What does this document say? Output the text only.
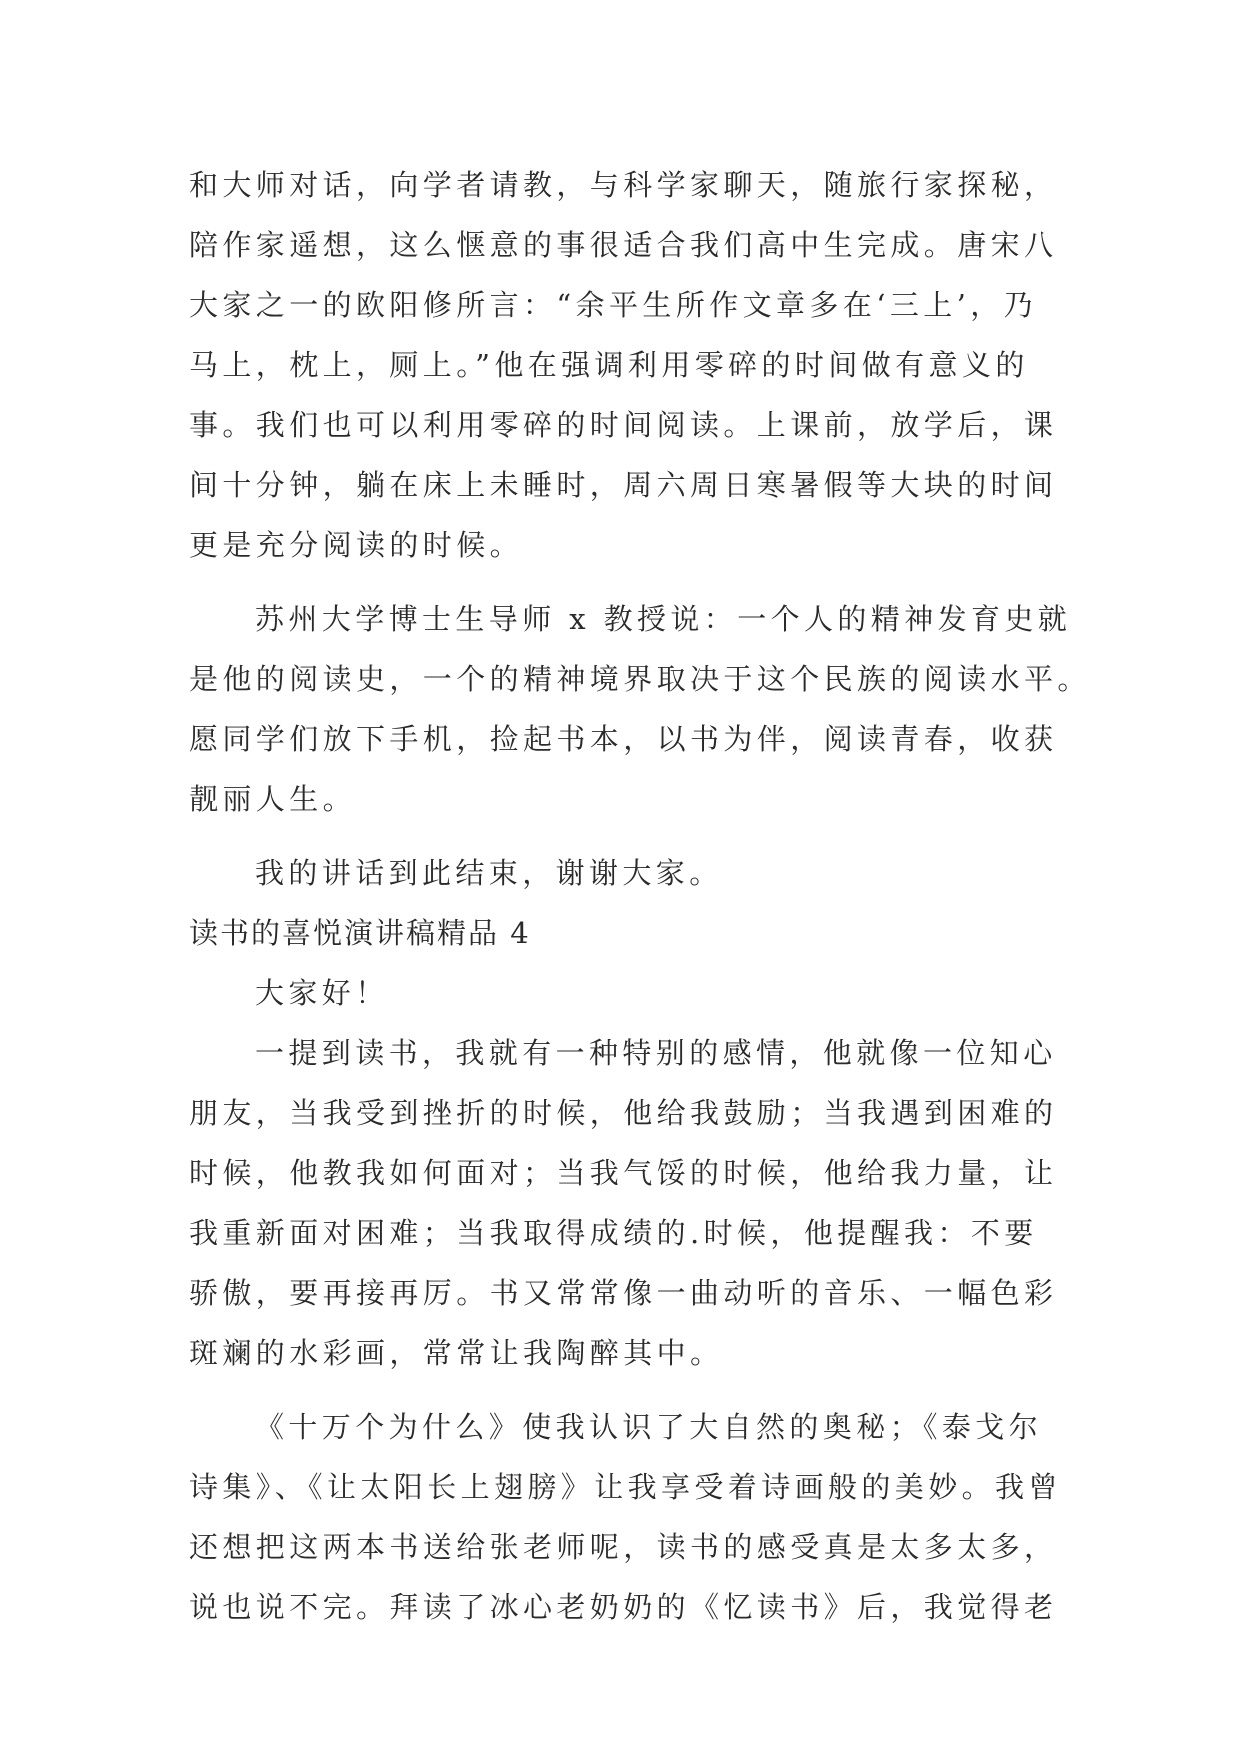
和大师对话，向学者请教，与科学家聊天，随旅行家探秘，
陪作家遥想，这么惬意的事很适合我们高中生完成。唐宋八
大家之一的欧阳修所言：“余平生所作文章多在‘三上’，乃
马上，枕上，厕上。”他在强调利用零碎的时间做有意义的
事。我们也可以利用零碎的时间阅读。上课前，放学后，课
间十分钟，躺在床上未睡时，周六周日寒暑假等大块的时间
更是充分阅读的时候。
苏州大学博士生导师 x 教授说：一个人的精神发育史就
是他的阅读史，一个的精神境界取决于这个民族的阅读水平。
愿同学们放下手机，捡起书本，以书为伴，阅读青春，收获
靓丽人生。
我的讲话到此结束，谢谢大家。
读书的喜悦演讲稿精品 4
大家好！
一提到读书，我就有一种特别的感情，他就像一位知心
朋友，当我受到挫折的时候，他给我鼓励；当我遇到困难的
时候，他教我如何面对；当我气馁的时候，他给我力量，让
我重新面对困难；当我取得成绩的.时候，他提醒我：不要
骄傲，要再接再厉。书又常常像一曲动听的音乐、一幅色彩
斑斓的水彩画，常常让我陶醉其中。
《十万个为什么》使我认识了大自然的奥秘；《泰戈尔
诗集》、《让太阳长上翅膀》让我享受着诗画般的美妙。我曾
还想把这两本书送给张老师呢，读书的感受真是太多太多，
说也说不完。拜读了冰心老奶奶的《忆读书》后，我觉得老
